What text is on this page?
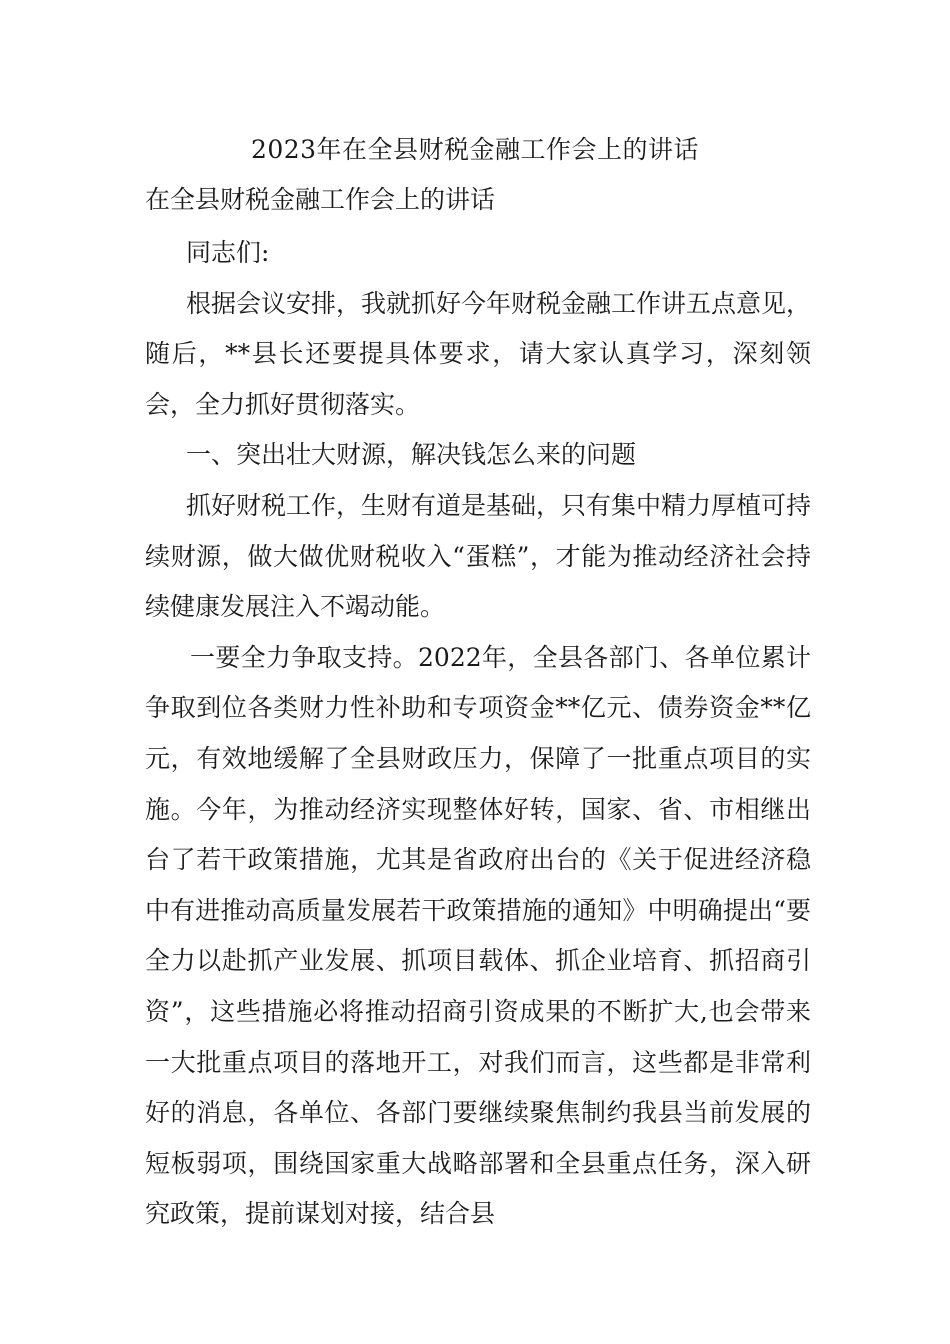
2023年在全县财税金融工作会上的讲话
在全县财税金融工作会上的讲话

同志们:

根据会议安排，我就抓好今年财税金融工作讲五点意见，随后，**县长还要提具体要求，请大家认真学习，深刻领会，全力抓好贯彻落实。

一、突出壮大财源，解决钱怎么来的问题

抓好财税工作，生财有道是基础，只有集中精力厚植可持续财源，做大做优财税收入“蛋糕”，才能为推动经济社会持续健康发展注入不竭动能。

一要全力争取支持。2022年，全县各部门、各单位累计争取到位各类财力性补助和专项资金**亿元、债券资金**亿元，有效地缓解了全县财政压力，保障了一批重点项目的实施。今年，为推动经济实现整体好转，国家、省、市相继出台了若干政策措施，尤其是省政府出台的《关于促进经济稳中有进推动高质量发展若干政策措施的通知》中明确提出“要全力以赴抓产业发展、抓项目载体、抓企业培育、抓招商引资”，这些措施必将推动招商引资成果的不断扩大,也会带来一大批重点项目的落地开工，对我们而言，这些都是非常利好的消息，各单位、各部门要继续聚焦制约我县当前发展的短板弱项，围绕国家重大战略部署和全县重点任务，深入研究政策，提前谋划对接，结合县
